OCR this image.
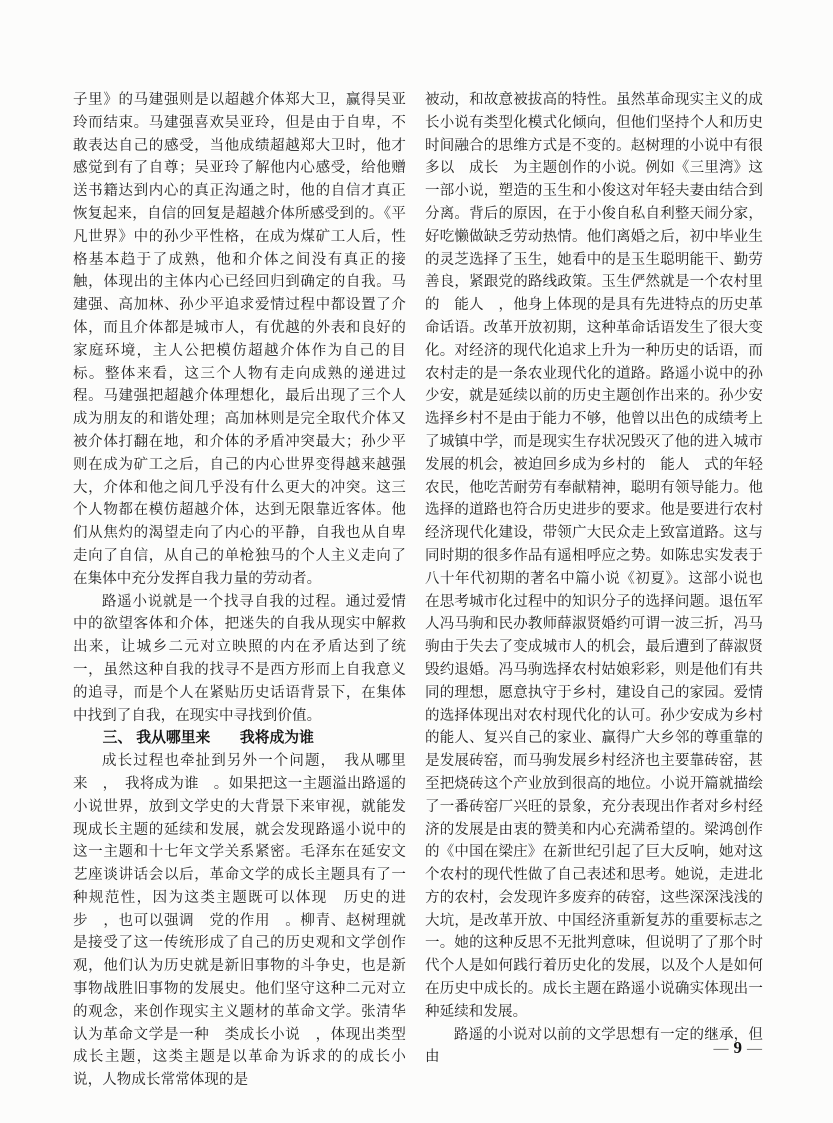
子里》的马建强则是以超越介体郑大卫，赢得吴亚玲而结束。马建强喜欢吴亚玲，但是由于自卑，不敢表达自己的感受，当他成绩超越郑大卫时，他才感觉到有了自尊；吴亚玲了解他内心感受，给他赠送书籍达到内心的真正沟通之时，他的自信才真正恢复起来，自信的回复是超越介体所感受到的。《平凡世界》中的孙少平性格，在成为煤矿工人后，性格基本趋于了成熟，他和介体之间没有真正的接触，体现出的主体内心已经回归到确定的自我。马建强、高加林、孙少平追求爱情过程中都设置了介体，而且介体都是城市人，有优越的外表和良好的家庭环境，主人公把模仿超越介体作为自己的目标。整体来看，这三个人物有走向成熟的递进过程。马建强把超越介体理想化，最后出现了三个人成为朋友的和谐处理；高加林则是完全取代介体又被介体打翻在地，和介体的矛盾冲突最大；孙少平则在成为矿工之后，自己的内心世界变得越来越强大，介体和他之间几乎没有什么更大的冲突。这三个人物都在模仿超越介体，达到无限靠近客体。他们从焦灼的渴望走向了内心的平静，自我也从自卑走向了自信，从自己的单枪独马的个人主义走向了在集体中充分发挥自我力量的劳动者。

路遥小说就是一个找寻自我的过程。通过爱情中的欲望客体和介体，把迷失的自我从现实中解救出来，让城乡二元对立映照的内在矛盾达到了统一，虽然这种自我的找寻不是西方形而上自我意义的追寻，而是个人在紧贴历史话语背景下，在集体中找到了自我，在现实中寻找到价值。

三、 我从哪里来　　我将成为谁

成长过程也牵扯到另外一个问题，　我从哪里来　，　我将成为谁　。如果把这一主题溢出路遥的小说世界，放到文学史的大背景下来审视，就能发现成长主题的延续和发展，就会发现路遥小说中的这一主题和十七年文学关系紧密。毛泽东在延安文艺座谈讲话会以后，革命文学的成长主题具有了一种规范性，因为这类主题既可以体现　历史的进步　，也可以强调　党的作用　。柳青、赵树理就是接受了这一传统形成了自己的历史观和文学创作观，他们认为历史就是新旧事物的斗争史，也是新事物战胜旧事物的发展史。他们坚守这种二元对立的观念，来创作现实主义题材的革命文学。张清华认为革命文学是一种　类成长小说　，体现出类型成长主题，这类主题是以革命为诉求的的成长小说，人物成长常常体现的是

被动，和故意被拔高的特性。虽然革命现实主义的成长小说有类型化模式化倾向，但他们坚持个人和历史时间融合的思维方式是不变的。赵树理的小说中有很多以　成长　为主题创作的小说。例如《三里湾》这一部小说，塑造的玉生和小俊这对年轻夫妻由结合到分离。背后的原因，在于小俊自私自利整天闹分家，好吃懒做缺乏劳动热情。他们离婚之后，初中毕业生的灵芝选择了玉生，她看中的是玉生聪明能干、勤劳善良，紧跟党的路线政策。玉生俨然就是一个农村里的　能人　，他身上体现的是具有先进特点的历史革命话语。改革开放初期，这种革命话语发生了很大变化。对经济的现代化追求上升为一种历史的话语，而农村走的是一条农业现代化的道路。路遥小说中的孙少安，就是延续以前的历史主题创作出来的。孙少安选择乡村不是由于能力不够，他曾以出色的成绩考上了城镇中学，而是现实生存状况毁灭了他的进入城市发展的机会，被迫回乡成为乡村的　能人　式的年轻农民，他吃苦耐劳有奉献精神，聪明有领导能力。他选择的道路也符合历史进步的要求。他是要进行农村经济现代化建设，带领广大民众走上致富道路。这与同时期的很多作品有遥相呼应之势。如陈忠实发表于八十年代初期的著名中篇小说《初夏》。这部小说也在思考城市化过程中的知识分子的选择问题。退伍军人冯马驹和民办教师薛淑贤婚约可谓一波三折，冯马驹由于失去了变成城市人的机会，最后遭到了薛淑贤毁约退婚。冯马驹选择农村姑娘彩彩，则是他们有共同的理想，愿意执守于乡村，建设自己的家园。爱情的选择体现出对农村现代化的认可。孙少安成为乡村的能人、复兴自己的家业、赢得广大乡邻的尊重靠的是发展砖窑，而马驹发展乡村经济也主要靠砖窑，甚至把烧砖这个产业放到很高的地位。小说开篇就描绘了一番砖窑厂兴旺的景象，充分表现出作者对乡村经济的发展是由衷的赞美和内心充满希望的。梁鸿创作的《中国在梁庄》在新世纪引起了巨大反响，她对这个农村的现代性做了自己表述和思考。她说，走进北方的农村，会发现许多废弃的砖窑，这些深深浅浅的大坑，是改革开放、中国经济重新复苏的重要标志之一。她的这种反思不无批判意味，但说明了了那个时代个人是如何践行着历史化的发展，以及个人是如何在历史中成长的。成长主题在路遥小说确实体现出一种延续和发展。

路遥的小说对以前的文学思想有一定的继承，但由

— 9 —
